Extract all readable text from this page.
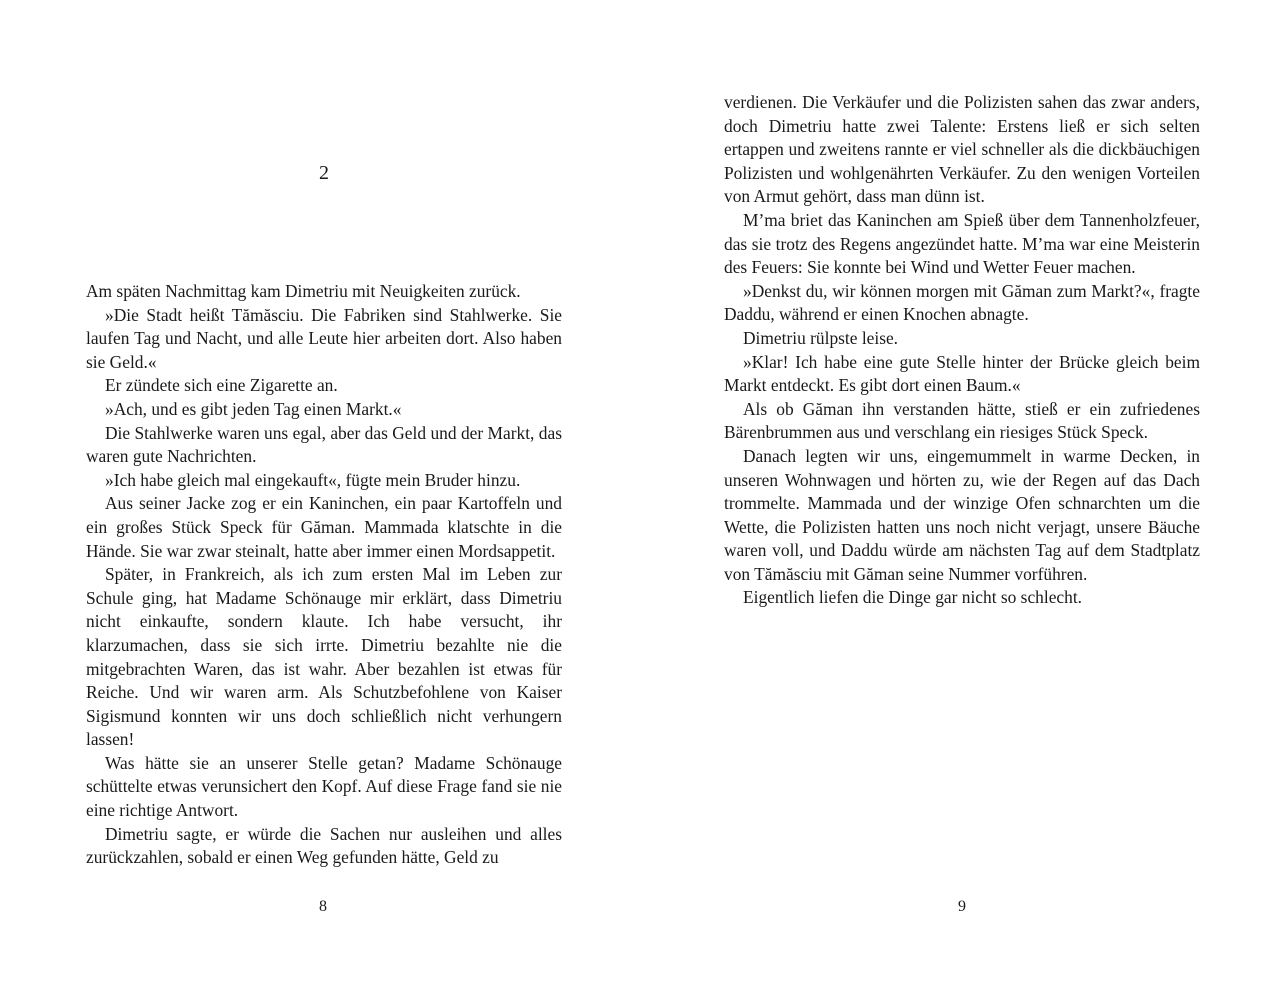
2

Am späten Nachmittag kam Dimetriu mit Neuigkeiten zurück.

»Die Stadt heißt Tămăsciu. Die Fabriken sind Stahlwerke. Sie laufen Tag und Nacht, und alle Leute hier arbeiten dort. Also haben sie Geld.«

Er zündete sich eine Zigarette an.

»Ach, und es gibt jeden Tag einen Markt.«

Die Stahlwerke waren uns egal, aber das Geld und der Markt, das waren gute Nachrichten.

»Ich habe gleich mal eingekauft«, fügte mein Bruder hinzu.

Aus seiner Jacke zog er ein Kaninchen, ein paar Kartoffeln und ein großes Stück Speck für Găman. Mammada klatschte in die Hände. Sie war zwar steinalt, hatte aber immer einen Mordsappetit.

Später, in Frankreich, als ich zum ersten Mal im Leben zur Schule ging, hat Madame Schönauge mir erklärt, dass Dimetriu nicht einkaufte, sondern klaute. Ich habe versucht, ihr klarzumachen, dass sie sich irrte. Dimetriu bezahlte nie die mitgebrachten Waren, das ist wahr. Aber bezahlen ist etwas für Reiche. Und wir waren arm. Als Schutzbefohlene von Kaiser Sigismund konnten wir uns doch schließlich nicht verhungern lassen!

Was hätte sie an unserer Stelle getan? Madame Schönauge schüttelte etwas verunsichert den Kopf. Auf diese Frage fand sie nie eine richtige Antwort.

Dimetriu sagte, er würde die Sachen nur ausleihen und alles zurückzahlen, sobald er einen Weg gefunden hätte, Geld zu

8

verdienen. Die Verkäufer und die Polizisten sahen das zwar anders, doch Dimetriu hatte zwei Talente: Erstens ließ er sich selten ertappen und zweitens rannte er viel schneller als die dickbäuchigen Polizisten und wohlgenährten Verkäufer. Zu den wenigen Vorteilen von Armut gehört, dass man dünn ist.

M’ma briet das Kaninchen am Spieß über dem Tannenholzfeuer, das sie trotz des Regens angezündet hatte. M’ma war eine Meisterin des Feuers: Sie konnte bei Wind und Wetter Feuer machen.

»Denkst du, wir können morgen mit Găman zum Markt?«, fragte Daddu, während er einen Knochen abnagte.

Dimetriu rülpste leise.

»Klar! Ich habe eine gute Stelle hinter der Brücke gleich beim Markt entdeckt. Es gibt dort einen Baum.«

Als ob Găman ihn verstanden hätte, stieß er ein zufriedenes Bärenbrummen aus und verschlang ein riesiges Stück Speck.

Danach legten wir uns, eingemummelt in warme Decken, in unseren Wohnwagen und hörten zu, wie der Regen auf das Dach trommelte. Mammada und der winzige Ofen schnarchten um die Wette, die Polizisten hatten uns noch nicht verjagt, unsere Bäuche waren voll, und Daddu würde am nächsten Tag auf dem Stadtplatz von Tămăsciu mit Găman seine Nummer vorführen.

Eigentlich liefen die Dinge gar nicht so schlecht.

9
